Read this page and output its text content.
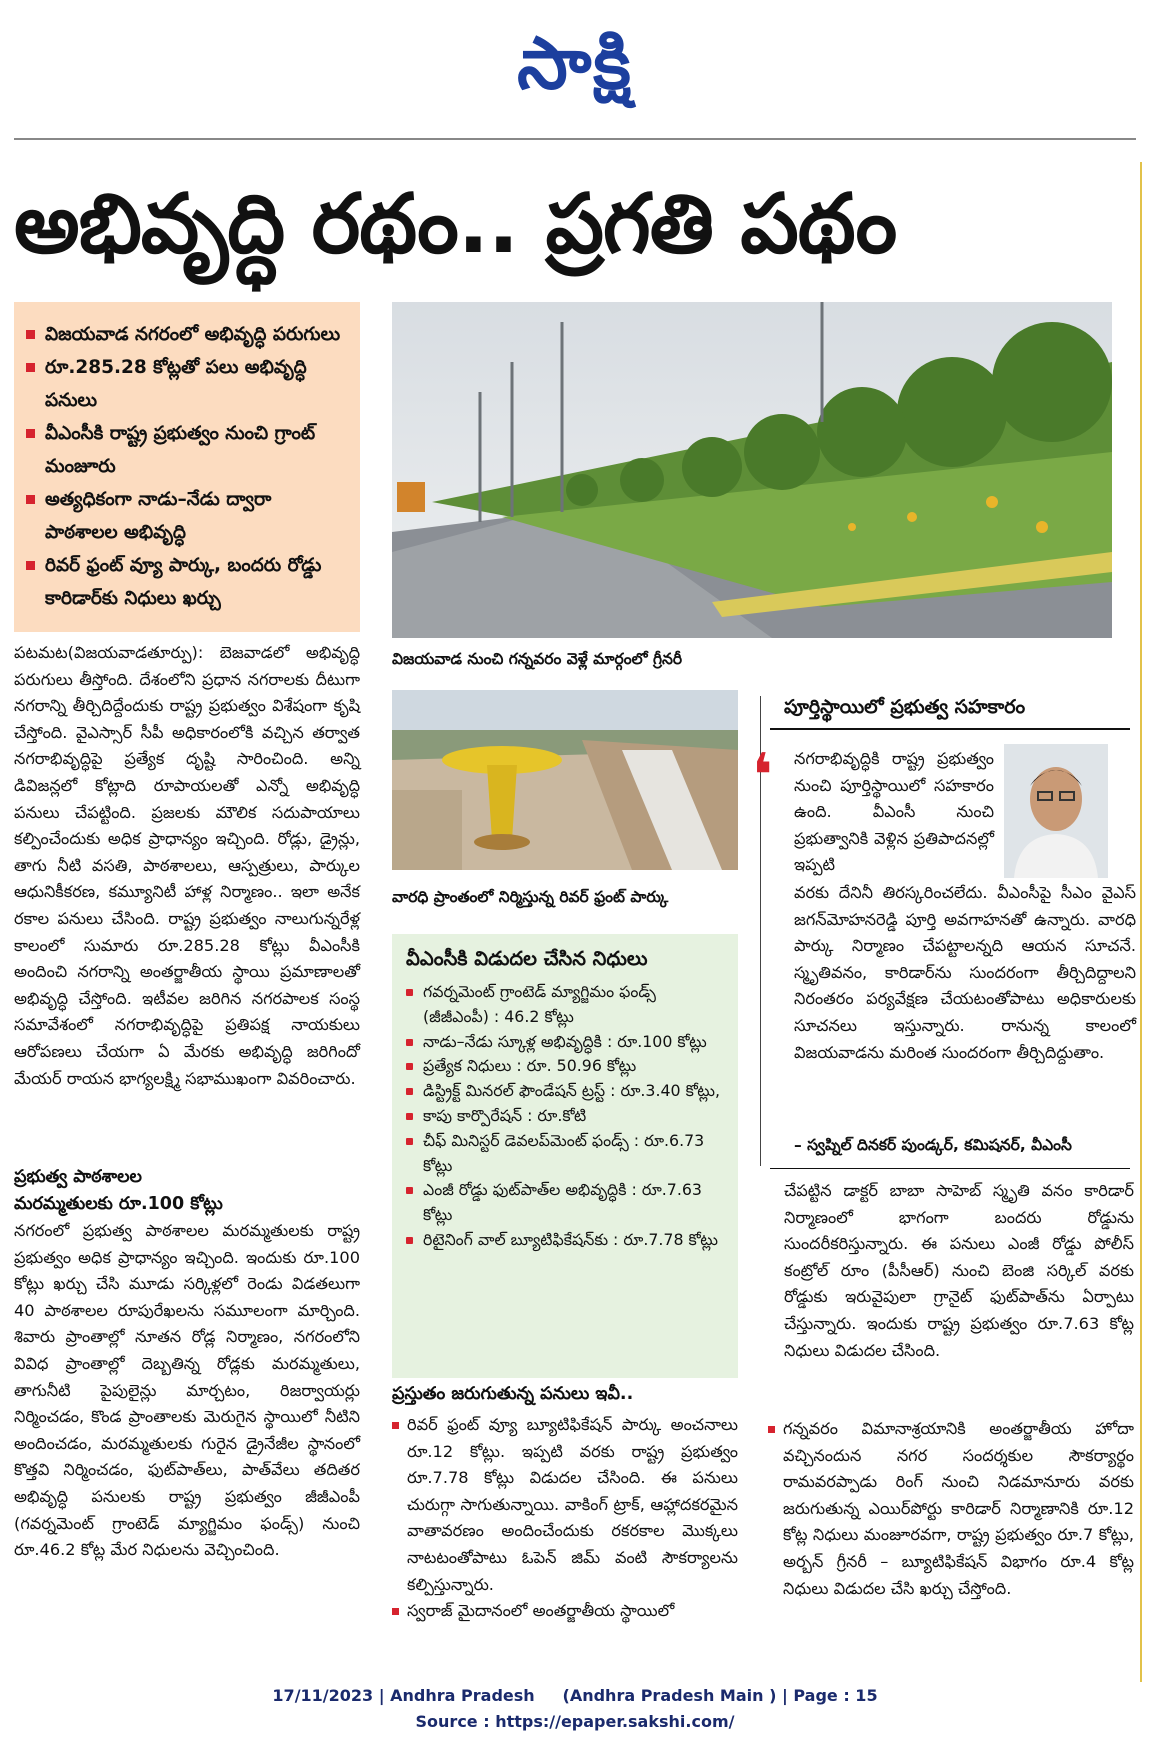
సాక్షి
అభివృద్ధి రథం.. ప్రగతి పథం
విజయవాడ నగరంలో అభివృద్ధి పరుగులు
రూ.285.28 కోట్లతో పలు అభివృద్ధి పనులు
వీఎంసీకి రాష్ట్ర ప్రభుత్వం నుంచి గ్రాంట్ మంజూరు
అత్యధికంగా నాడు–నేడు ద్వారా పాఠశాలల అభివృద్ధి
రివర్ ఫ్రంట్ వ్యూ పార్కు, బందరు రోడ్డు కారిడార్‌కు నిధులు ఖర్చు
విజయవాడ నుంచి గన్నవరం వెళ్లే మార్గంలో గ్రీనరీ
వారధి ప్రాంతంలో నిర్మిస్తున్న రివర్ ఫ్రంట్ పార్కు
పటమట(విజయవాడతూర్పు): బెజవాడలో అభివృద్ధి పరుగులు తీస్తోంది. దేశంలోని ప్రధాన నగరాలకు దీటుగా నగరాన్ని తీర్చిదిద్దేందుకు రాష్ట్ర ప్రభుత్వం విశేషంగా కృషి చేస్తోంది. వైఎస్సార్ సీపీ అధికారంలోకి వచ్చిన తర్వాత నగరాభివృద్ధిపై ప్రత్యేక దృష్టి సారించింది. అన్ని డివిజన్లలో కోట్లాది రూపాయలతో ఎన్నో అభివృద్ధి పనులు చేపట్టింది. ప్రజలకు మౌలిక సదుపాయాలు కల్పించేందుకు అధిక ప్రాధాన్యం ఇచ్చింది. రోడ్లు, డ్రైన్లు, తాగు నీటి వసతి, పాఠశాలలు, ఆస్పత్రులు, పార్కుల ఆధునికీకరణ, కమ్యూనిటీ హాళ్ల నిర్మాణం.. ఇలా అనేక రకాల పనులు చేసింది. రాష్ట్ర ప్రభుత్వం నాలుగున్నరేళ్ల కాలంలో సుమారు రూ.285.28 కోట్లు వీఎంసీకి అందించి నగరాన్ని అంతర్జాతీయ స్థాయి ప్రమాణాలతో అభివృద్ధి చేస్తోంది. ఇటీవల జరిగిన నగరపాలక సంస్థ సమావేశంలో నగరాభివృద్ధిపై ప్రతిపక్ష నాయకులు ఆరోపణలు చేయగా ఏ మేరకు అభివృద్ధి జరిగిందో మేయర్ రాయన భాగ్యలక్ష్మి సభాముఖంగా వివరించారు.
ప్రభుత్వ పాఠశాలల
మరమ్మతులకు రూ.100 కోట్లు
నగరంలో ప్రభుత్వ పాఠశాలల మరమ్మతులకు రాష్ట్ర ప్రభుత్వం అధిక ప్రాధాన్యం ఇచ్చింది. ఇందుకు రూ.100 కోట్లు ఖర్చు చేసి మూడు సర్కిళ్లలో రెండు విడతలుగా 40 పాఠశాలల రూపురేఖలను సమూలంగా మార్చింది. శివారు ప్రాంతాల్లో నూతన రోడ్ల నిర్మాణం, నగరంలోని వివిధ ప్రాంతాల్లో దెబ్బతిన్న రోడ్లకు మరమ్మతులు, తాగునీటి పైపులైన్లు మార్చటం, రిజర్వాయర్లు నిర్మించడం, కొండ ప్రాంతాలకు మెరుగైన స్థాయిలో నీటిని అందించడం, మరమ్మతులకు గురైన డ్రైనేజీల స్థానంలో కొత్తవి నిర్మించడం, ఫుట్‌పాత్‌లు, పాత్‌వేలు తదితర అభివృద్ధి పనులకు రాష్ట్ర ప్రభుత్వం జీజీఎంపీ (గవర్నమెంట్ గ్రాంటెడ్ మ్యాగ్జిమం ఫండ్స్) నుంచి రూ.46.2 కోట్ల మేర నిధులను వెచ్చించింది.
వీఎంసీకి విడుదల చేసిన నిధులు
గవర్నమెంట్ గ్రాంటెడ్ మ్యాగ్జిమం ఫండ్స్ (జీజీఎంపీ) : 46.2 కోట్లు
నాడు–నేడు స్కూళ్ల అభివృద్ధికి : రూ.100 కోట్లు
ప్రత్యేక నిధులు : రూ. 50.96 కోట్లు
డిస్ట్రిక్ట్ మినరల్ ఫౌండేషన్ ట్రస్ట్ : రూ.3.40 కోట్లు,
కాపు కార్పొరేషన్ : రూ.కోటి
చీఫ్ మినిస్టర్ డెవలప్‌మెంట్ ఫండ్స్ : రూ.6.73 కోట్లు
ఎంజీ రోడ్డు ఫుట్‌పాత్‌ల అభివృద్ధికి : రూ.7.63 కోట్లు
రిటైనింగ్ వాల్ బ్యూటిఫికేషన్‌కు : రూ.7.78 కోట్లు
ప్రస్తుతం జరుగుతున్న పనులు ఇవీ..
రివర్ ఫ్రంట్ వ్యూ బ్యూటిఫికేషన్ పార్కు అంచనాలు రూ.12 కోట్లు. ఇప్పటి వరకు రాష్ట్ర ప్రభుత్వం రూ.7.78 కోట్లు విడుదల చేసింది. ఈ పనులు చురుగ్గా సాగుతున్నాయి. వాకింగ్ ట్రాక్, ఆహ్లాదకరమైన వాతావరణం అందించేందుకు రకరకాల మొక్కలు నాటటంతోపాటు ఓపెన్ జిమ్ వంటి సౌకర్యాలను కల్పిస్తున్నారు.
స్వరాజ్ మైదానంలో అంతర్జాతీయ స్థాయిలో
పూర్తిస్థాయిలో ప్రభుత్వ సహకారం
❛ నగరాభివృద్ధికి రాష్ట్ర ప్రభుత్వం నుంచి పూర్తిస్థాయిలో సహకారం ఉంది. వీఎంసీ నుంచి ప్రభుత్వానికి వెళ్లిన ప్రతిపాదనల్లో ఇప్పటి
వరకు దేనినీ తిరస్కరించలేదు. వీఎంసీపై సీఎం వైఎస్ జగన్‌మోహనరెడ్డి పూర్తి అవగాహనతో ఉన్నారు. వారధి పార్కు నిర్మాణం చేపట్టాలన్నది ఆయన సూచనే. స్మృతివనం, కారిడార్‌ను సుందరంగా తీర్చిదిద్దాలని నిరంతరం పర్యవేక్షణ చేయటంతోపాటు అధికారులకు సూచనలు ఇస్తున్నారు. రానున్న కాలంలో విజయవాడను మరింత సుందరంగా తీర్చిదిద్దుతాం.
– స్వప్నిల్ దినకర్ పుండ్కర్, కమిషనర్, వీఎంసీ
చేపట్టిన డాక్టర్ బాబా సాహెబ్ స్మృతి వనం కారిడార్ నిర్మాణంలో భాగంగా బందరు రోడ్డును సుందరీకరిస్తున్నారు. ఈ పనులు ఎంజీ రోడ్డు పోలీస్ కంట్రోల్ రూం (పీసీఆర్) నుంచి బెంజి సర్కిల్ వరకు రోడ్డుకు ఇరువైపులా గ్రానైట్ ఫుట్‌పాత్‌ను ఏర్పాటు చేస్తున్నారు. ఇందుకు రాష్ట్ర ప్రభుత్వం రూ.7.63 కోట్ల నిధులు విడుదల చేసింది.
గన్నవరం విమానాశ్రయానికి అంతర్జాతీయ హోదా వచ్చినందున నగర సందర్శకుల సౌకర్యార్థం రామవరప్పాడు రింగ్ నుంచి నిడమానూరు వరకు జరుగుతున్న ఎయిర్‌పోర్టు కారిడార్ నిర్మాణానికి రూ.12 కోట్ల నిధులు మంజూరవగా, రాష్ట్ర ప్రభుత్వం రూ.7 కోట్లు, అర్బన్ గ్రీనరీ – బ్యూటిఫికేషన్ విభాగం రూ.4 కోట్ల నిధులు విడుదల చేసి ఖర్చు చేస్తోంది.
17/11/2023 | Andhra Pradesh     (Andhra Pradesh Main ) | Page : 15
Source : https://epaper.sakshi.com/
